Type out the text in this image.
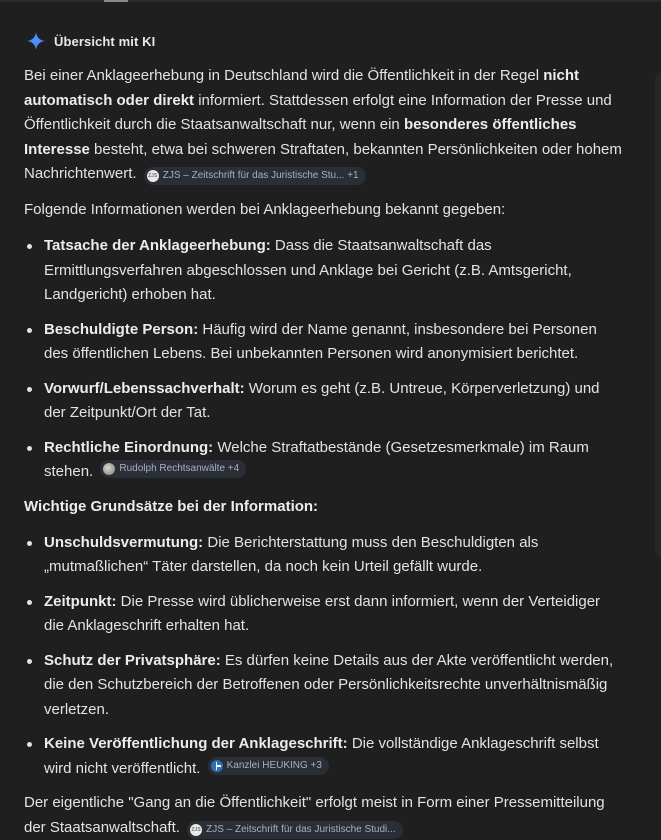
Übersicht mit KI

Bei einer Anklageerhebung in Deutschland wird die Öffentlichkeit in der Regel nicht automatisch oder direkt informiert. Stattdessen erfolgt eine Information der Presse und Öffentlichkeit durch die Staatsanwaltschaft nur, wenn ein besonderes öffentliches Interesse besteht, etwa bei schweren Straftaten, bekannten Persönlichkeiten oder hohem Nachrichtenwert. ZJS ZJS – Zeitschrift für das Juristische Stu... +1

Folgende Informationen werden bei Anklageerhebung bekannt gegeben:

Tatsache der Anklageerhebung: Dass die Staatsanwaltschaft das Ermittlungsverfahren abgeschlossen und Anklage bei Gericht (z.B. Amtsgericht, Landgericht) erhoben hat.
Beschuldigte Person: Häufig wird der Name genannt, insbesondere bei Personen des öffentlichen Lebens. Bei unbekannten Personen wird anonymisiert berichtet.
Vorwurf/Lebenssachverhalt: Worum es geht (z.B. Untreue, Körperverletzung) und der Zeitpunkt/Ort der Tat.
Rechtliche Einordnung: Welche Straftatbestände (Gesetzesmerkmale) im Raum stehen.	Rudolph Rechtsanwälte +4
Wichtige Grundsätze bei der Information:
Unschuldsvermutung: Die Berichterstattung muss den Beschuldigten als „mutmaßlichen“ Täter darstellen, da noch kein Urteil gefällt wurde.
Zeitpunkt: Die Presse wird üblicherweise erst dann informiert, wenn der Verteidiger die Anklageschrift erhalten hat.
Schutz der Privatsphäre: Es dürfen keine Details aus der Akte veröffentlicht werden, die den Schutzbereich der Betroffenen oder Persönlichkeitsrechte unverhältnismäßig verletzen.
Keine Veröffentlichung der Anklageschrift: Die vollständige Anklageschrift selbst wird nicht veröffentlicht.	Kanzlei HEUKING +3

Der eigentliche "Gang an die Öffentlichkeit" erfolgt meist in Form einer Pressemitteilung der Staatsanwaltschaft. ZJS ZJS – Zeitschrift für das Juristische Studi...
